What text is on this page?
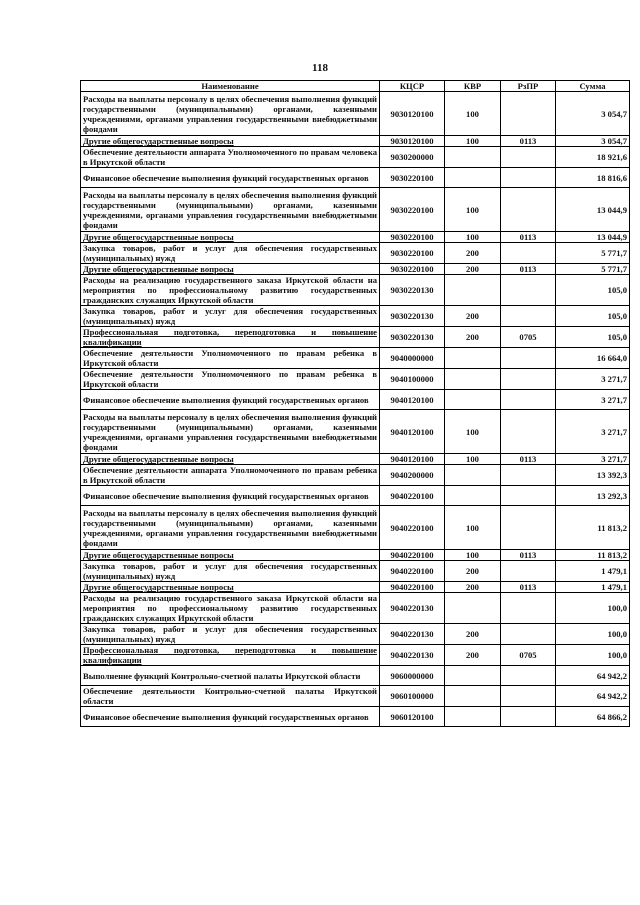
118
Наименование	КЦСР	КВР	РзПР	Сумма
Расходы на выплаты персоналу в целях обеспечения выполнения функций государственными (муниципальными) органами, казенными учреждениями, органами управления государственными внебюджетными фондами	9030120100	100		3 054,7
Другие общегосударственные вопросы	9030120100	100	0113	3 054,7
Обеспечение деятельности аппарата Уполномоченного по правам человека в Иркутской области	9030200000			18 921,6
Финансовое обеспечение выполнения функций государственных органов	9030220100			18 816,6
Расходы на выплаты персоналу в целях обеспечения выполнения функций государственными (муниципальными) органами, казенными учреждениями, органами управления государственными внебюджетными фондами	9030220100	100		13 044,9
Другие общегосударственные вопросы	9030220100	100	0113	13 044,9
Закупка товаров, работ и услуг для обеспечения государственных (муниципальных) нужд	9030220100	200		5 771,7
Другие общегосударственные вопросы	9030220100	200	0113	5 771,7
Расходы на реализацию государственного заказа Иркутской области на мероприятия по профессиональному развитию государственных гражданских служащих Иркутской области	9030220130			105,0
Закупка товаров, работ и услуг для обеспечения государственных (муниципальных) нужд	9030220130	200		105,0
Профессиональная подготовка, переподготовка и повышение квалификации	9030220130	200	0705	105,0
Обеспечение деятельности Уполномоченного по правам ребенка в Иркутской области	9040000000			16 664,0
Обеспечение деятельности Уполномоченного по правам ребенка в Иркутской области	9040100000			3 271,7
Финансовое обеспечение выполнения функций государственных органов	9040120100			3 271,7
Расходы на выплаты персоналу в целях обеспечения выполнения функций государственными (муниципальными) органами, казенными учреждениями, органами управления государственными внебюджетными фондами	9040120100	100		3 271,7
Другие общегосударственные вопросы	9040120100	100	0113	3 271,7
Обеспечение деятельности аппарата Уполномоченного по правам ребенка в Иркутской области	9040200000			13 392,3
Финансовое обеспечение выполнения функций государственных органов	9040220100			13 292,3
Расходы на выплаты персоналу в целях обеспечения выполнения функций государственными (муниципальными) органами, казенными учреждениями, органами управления государственными внебюджетными фондами	9040220100	100		11 813,2
Другие общегосударственные вопросы	9040220100	100	0113	11 813,2
Закупка товаров, работ и услуг для обеспечения государственных (муниципальных) нужд	9040220100	200		1 479,1
Другие общегосударственные вопросы	9040220100	200	0113	1 479,1
Расходы на реализацию государственного заказа Иркутской области на мероприятия по профессиональному развитию государственных гражданских служащих Иркутской области	9040220130			100,0
Закупка товаров, работ и услуг для обеспечения государственных (муниципальных) нужд	9040220130	200		100,0
Профессиональная подготовка, переподготовка и повышение квалификации	9040220130	200	0705	100,0
Выполнение функций Контрольно-счетной палаты Иркутской области	9060000000			64 942,2
Обеспечение деятельности Контрольно-счетной палаты Иркутской области	9060100000			64 942,2
Финансовое обеспечение выполнения функций государственных органов	9060120100			64 866,2
